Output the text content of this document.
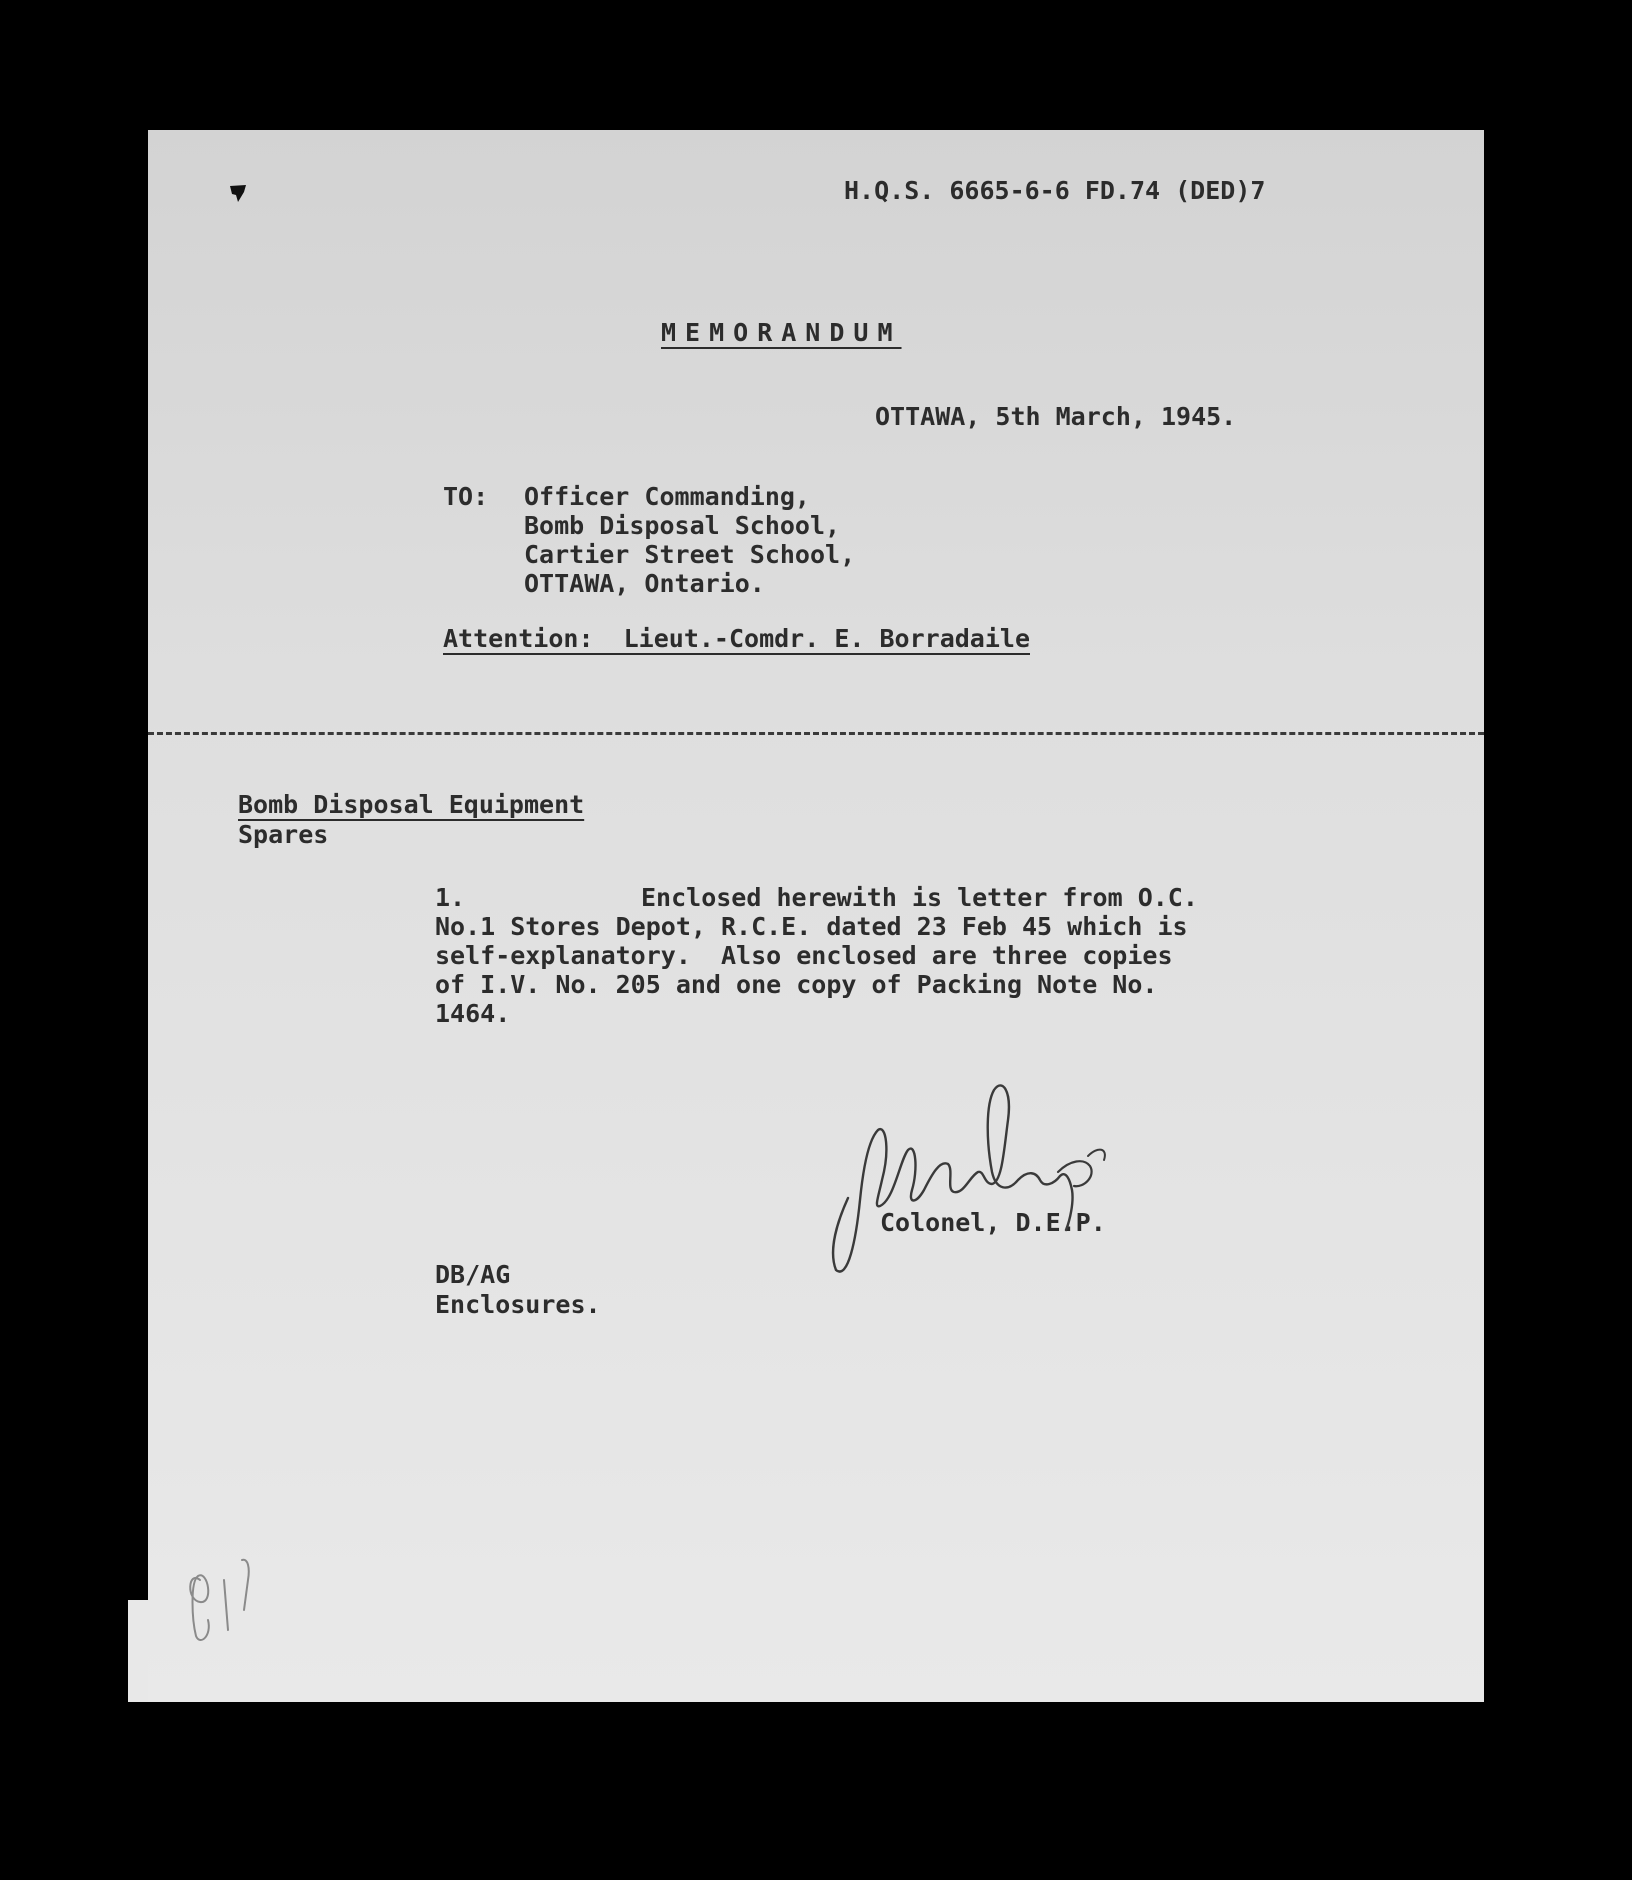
H.Q.S. 6665-6-6 FD.74 (DED)7
MEMORANDUM
OTTAWA, 5th March, 1945.
TO: Officer Commanding,
Bomb Disposal School,
Cartier Street School,
OTTAWA, Ontario.
Attention:  Lieut.-Comdr. E. Borradaile
Bomb Disposal Equipment
Spares
1.	Enclosed herewith is letter from O.C.
No.1 Stores Depot, R.C.E. dated 23 Feb 45 which is
self-explanatory.  Also enclosed are three copies
of I.V. No. 205 and one copy of Packing Note No.
1464.
Colonel, D.E.P.
DB/AG
Enclosures.
